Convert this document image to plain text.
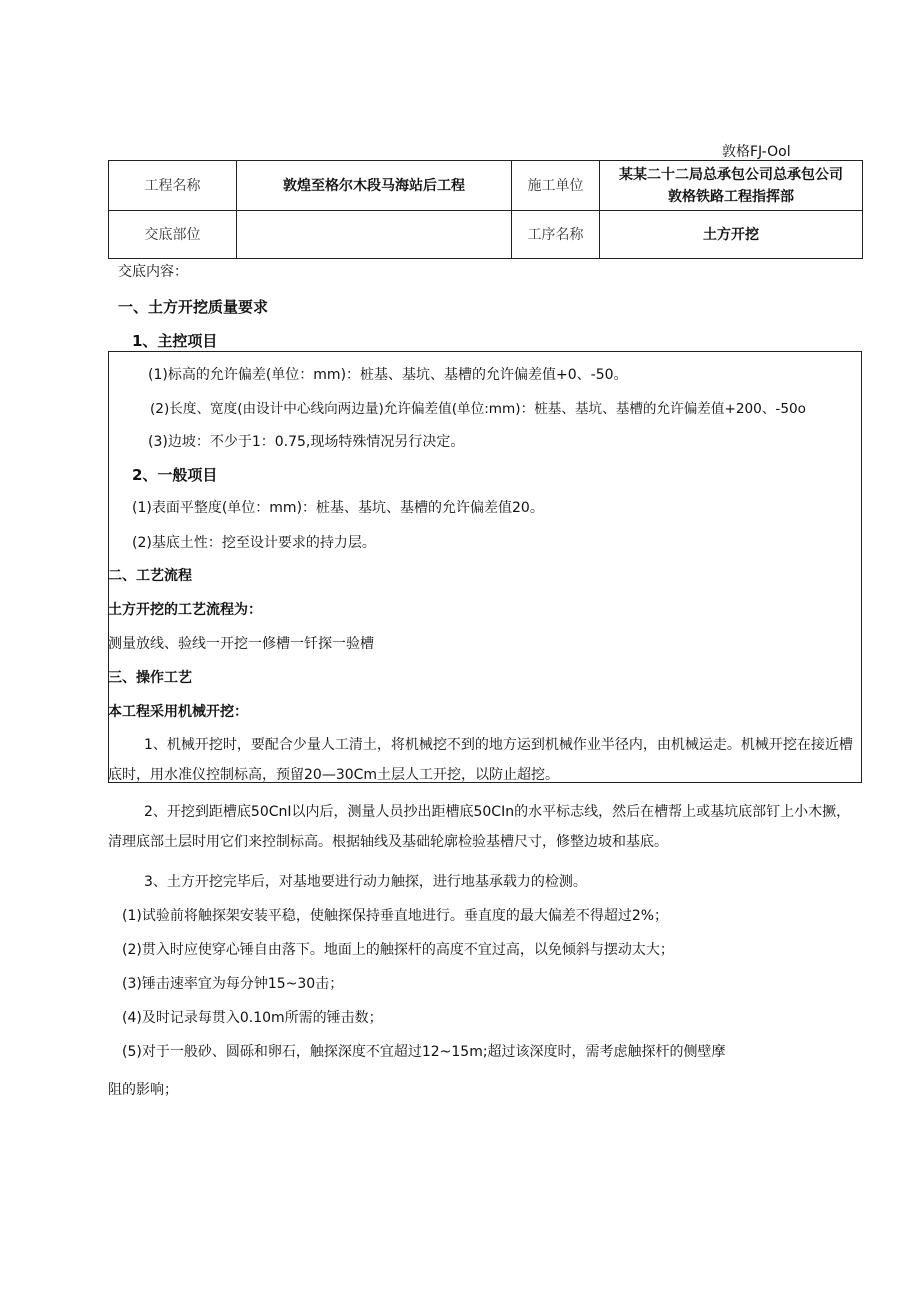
敦格FJ-Ool
工程名称	敦煌至格尔木段马海站后工程	施工单位	某某二十二局总承包公司总承包公司
敦格铁路工程指挥部

交底部位		工序名称	土方开挖
交底内容：
一、土方开挖质量要求
1、主控项目
(1)标高的允许偏差(单位：mm)：桩基、基坑、基槽的允许偏差值+0、-50。
(2)长度、宽度(由设计中心线向两边量)允许偏差值(单位:mm)：桩基、基坑、基槽的允许偏差值+200、-50o
(3)边坡：不少于1：0.75,现场特殊情况另行决定。
2、一般项目
(1)表面平整度(单位：mm)：桩基、基坑、基槽的允许偏差值20。
(2)基底土性：挖至设计要求的持力层。
二、工艺流程
土方开挖的工艺流程为：
测量放线、验线一开挖一修槽一钎探一验槽
三、操作工艺
本工程采用机械开挖：
1、机械开挖时，要配合少量人工清土，将机械挖不到的地方运到机械作业半径内，由机械运走。机械开挖在接近槽底时，用水准仪控制标高，预留20—30Cm土层人工开挖，以防止超挖。
2、开挖到距槽底50CnI以内后，测量人员抄出距槽底50CIn的水平标志线，然后在槽帮上或基坑底部钉上小木撅，清理底部土层时用它们来控制标高。根据轴线及基础轮廓检验基槽尺寸，修整边坡和基底。
3、土方开挖完毕后，对基地要进行动力触探，进行地基承载力的检测。
(1)试验前将触探架安装平稳，使触探保持垂直地进行。垂直度的最大偏差不得超过2%；
(2)贯入时应使穿心锤自由落下。地面上的触探杆的高度不宜过高，以免倾斜与摆动太大；
(3)锤击速率宜为每分钟15~30击；
(4)及时记录每贯入0.10m所需的锤击数；
(5)对于一般砂、圆砾和卵石，触探深度不宜超过12~15m;超过该深度时，需考虑触探杆的侧壁摩
阻的影响；
